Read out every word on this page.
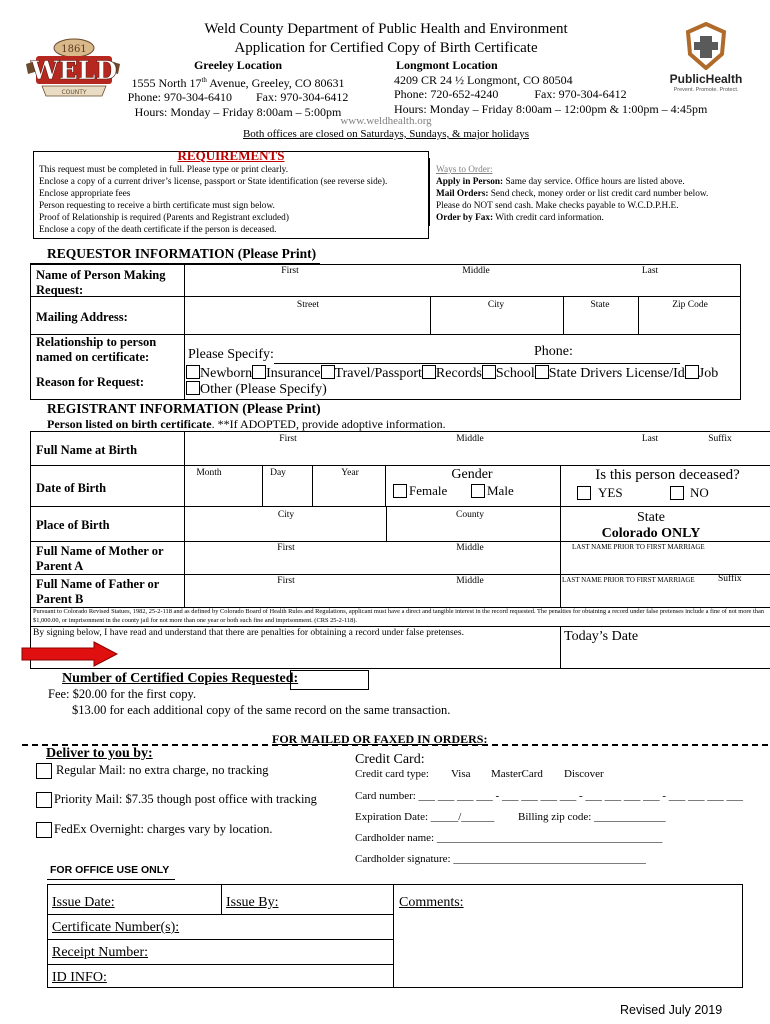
1861
WELD
COUNTY
Weld County Department of Public Health and Environment
Application for Certified Copy of Birth Certificate
PublicHealth
Prevent. Promote. Protect.
Greeley Location
1555 North 17th Avenue, Greeley, CO 80631
Phone: 970-304-6410 Fax: 970-304-6412
Hours: Monday – Friday 8:00am – 5:00pm
Longmont Location
4209 CR 24 ½ Longmont, CO 80504
Phone: 720-652-4240	Fax: 970-304-6412
Hours: Monday – Friday 8:00am – 12:00pm & 1:00pm – 4:45pm
www.weldhealth.org
Both offices are closed on Saturdays, Sundays, & major holidays
REQUIREMENTS
This request must be completed in full. Please type or print clearly.
Enclose a copy of a current driver’s license, passport or State identification (see reverse side).
Enclose appropriate fees
Person requesting to receive a birth certificate must sign below.
Proof of Relationship is required (Parents and Registrant excluded)
Enclose a copy of the death certificate if the person is deceased.
Ways to Order:
Apply in Person: Same day service. Office hours are listed above.
Mail Orders: Send check, money order or list credit card number below.
Please do NOT send cash. Make checks payable to W.C.D.P.H.E.
Order by Fax: With credit card information.
REQUESTOR INFORMATION (Please Print)
Name of Person Making Request:
First	Middle	Last
Mailing Address:
Street	City	State	Zip Code
Relationship to person named on certificate:	Please Specify:	Phone:
Reason for Request:
Newborn Insurance Travel/Passport Records School State Drivers License/Id Job
Other (Please Specify)
REGISTRANT INFORMATION (Please Print)
Person listed on birth certificate. **If ADOPTED, provide adoptive information.
Full Name at Birth
First	Middle	Last	Suffix
Date of Birth
Month	Day	Year	Gender
Female	Male
Is this person deceased?
YES	NO
Place of Birth
City	County	State
Colorado ONLY
Full Name of Mother or Parent A
First	Middle	LAST NAME PRIOR TO FIRST MARRIAGE
Full Name of Father or Parent B
First	Middle	LAST NAME PRIOR TO FIRST MARRIAGE Suffix
Pursuant to Colorado Revised Statues, 1982, 25-2-118 and as defined by Colorado Board of Health Rules and Regulations, applicant must have a direct and tangible interest in the record requested. The penalties for obtaining a record under false pretenses include a fine of not more than $1,000.00, or imprisonment in the county jail for not more than one year or both such fine and imprisonment. (CRS 25-2-118).
By signing below, I have read and understand that there are penalties for obtaining a record under false pretenses.	Today’s Date
Number of Certified Copies Requested:
Fee: $20.00 for the first copy.
$13.00 for each additional copy of the same record on the same transaction.
FOR MAILED OR FAXED IN ORDERS:
Deliver to you by:
Regular Mail: no extra charge, no tracking
Priority Mail: $7.35 though post office with tracking
FedEx Overnight: charges vary by location.
Credit Card:
Credit card type: Visa MasterCard Discover
Card number: ___ ___ ___ ___ - ___ ___ ___ ___ - ___ ___ ___ ___ - ___ ___ ___ ___
Expiration Date: _____/______ Billing zip code: _____________
Cardholder name: _________________________________________
Cardholder signature: ___________________________________
FOR OFFICE USE ONLY
Issue Date:	Issue By:	Comments:
Certificate Number(s):
Receipt Number:
ID INFO:
Revised July 2019
